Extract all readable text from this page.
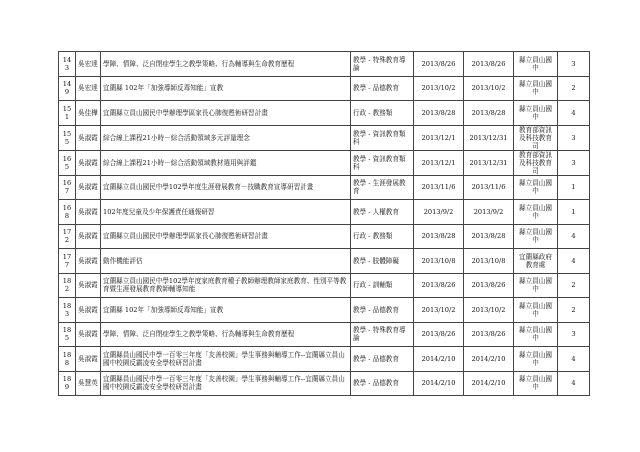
143	吳宏達	學障、情障、泛自閉症學生之教學策略、行為輔導與生命教育歷程	教學 - 特殊教育導論	2013/8/26	2013/8/26	縣立員山國中	3
149	吳宏達	宜蘭縣 102年「加強導師反毒知能」宣教	教學 - 品德教育	2013/10/2	2013/10/2	縣立員山國中	2
151	吳佳樺	宜蘭縣立員山國民中學辦理學區家長心肺復甦術研習計畫	行政 - 教務類	2013/8/28	2013/8/28	縣立員山國中	4
155	吳淑霞	綜合線上課程21小時－綜合活動領域多元評量理念	教學 - 資訊教育類科	2013/12/1	2013/12/31	教育部資訊及科技教育司	3
165	吳淑霞	綜合線上課程21小時－綜合活動領域教材選用與評鑑	教學 - 資訊教育類科	2013/12/1	2013/12/31	教育部資訊及科技教育司	3
167	吳淑霞	宜蘭縣立員山國民中學102學年度生涯發展教育－技職教育宣導研習計畫	教學 - 生涯發展教育	2013/11/6	2013/11/6	縣立員山國中	1
168	吳淑霞	102年度兒童及少年保護責任通報研習	教學 - 人權教育	2013/9/2	2013/9/2	縣立員山國中	1
172	吳淑霞	宜蘭縣立員山國民中學辦理學區家長心肺復甦術研習計畫	行政 - 教務類	2013/8/28	2013/8/28	縣立員山國中	4
177	吳淑霞	動作機能評估	教學 - 肢體障礙	2013/10/8	2013/10/8	宜蘭縣政府教育處	4
182	吳淑霞	宜蘭縣立員山國民中學102學年度家庭教育種子教師辦理教師家庭教育、性別平等教育暨生涯發展教育教師輔導知能	行政 - 訓輔類	2013/8/26	2013/8/26	縣立員山國中	2
183	吳淑霞	宜蘭縣 102年「加強導師反毒知能」宣教	教學 - 品德教育	2013/10/2	2013/10/2	縣立員山國中	2
185	吳淑霞	學障、情障、泛自閉症學生之教學策略、行為輔導與生命教育歷程	教學 - 特殊教育導論	2013/8/26	2013/8/26	縣立員山國中	3
188	吳淑霞	宜蘭縣員山國民中學一百零三年度「友善校園」學生事務與輔導工作--宜蘭縣立員山國中校園反霸凌安全學校研習計畫	教學 - 品德教育	2014/2/10	2014/2/10	縣立員山國中	4
189	吳慧英	宜蘭縣員山國民中學一百零三年度「友善校園」學生事務與輔導工作--宜蘭縣立員山國中校園反霸凌安全學校研習計畫	教學 - 品德教育	2014/2/10	2014/2/10	縣立員山國中	4
